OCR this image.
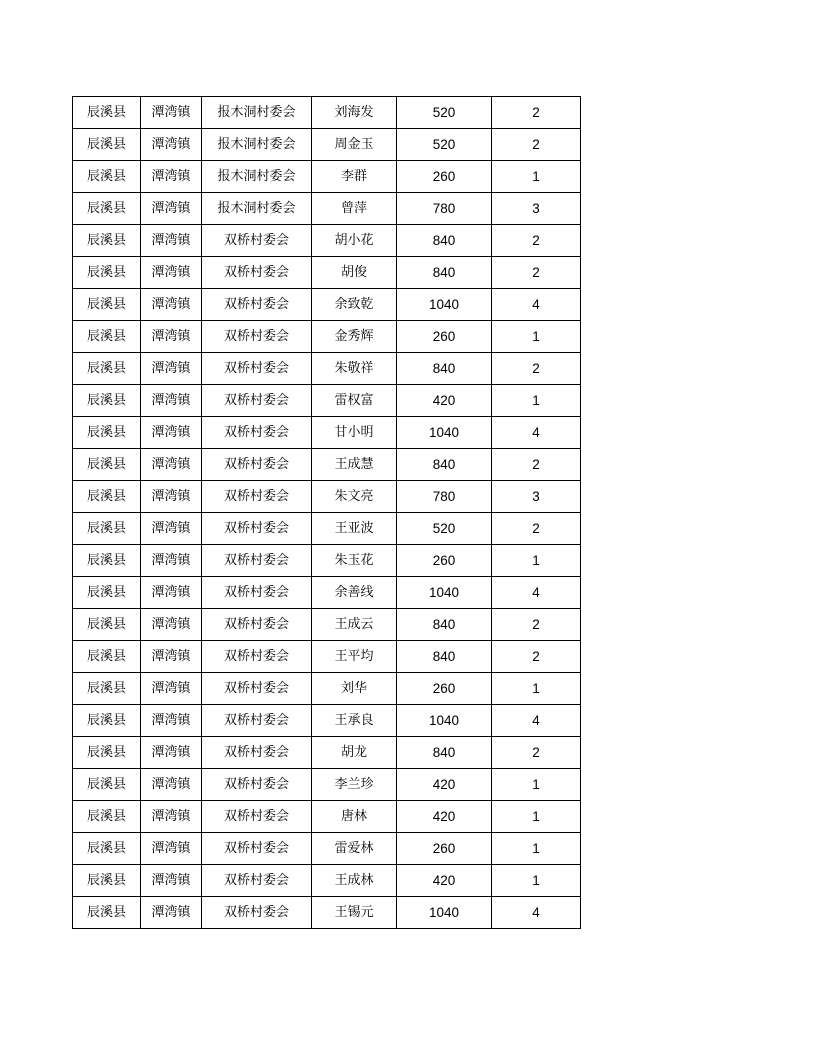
辰溪县	潭湾镇	报木洞村委会	刘海发	520	2
辰溪县	潭湾镇	报木洞村委会	周金玉	520	2
辰溪县	潭湾镇	报木洞村委会	李群	260	1
辰溪县	潭湾镇	报木洞村委会	曾萍	780	3
辰溪县	潭湾镇	双桥村委会	胡小花	840	2
辰溪县	潭湾镇	双桥村委会	胡俊	840	2
辰溪县	潭湾镇	双桥村委会	余致乾	1040	4
辰溪县	潭湾镇	双桥村委会	金秀辉	260	1
辰溪县	潭湾镇	双桥村委会	朱敬祥	840	2
辰溪县	潭湾镇	双桥村委会	雷权富	420	1
辰溪县	潭湾镇	双桥村委会	甘小明	1040	4
辰溪县	潭湾镇	双桥村委会	王成慧	840	2
辰溪县	潭湾镇	双桥村委会	朱文亮	780	3
辰溪县	潭湾镇	双桥村委会	王亚波	520	2
辰溪县	潭湾镇	双桥村委会	朱玉花	260	1
辰溪县	潭湾镇	双桥村委会	余善线	1040	4
辰溪县	潭湾镇	双桥村委会	王成云	840	2
辰溪县	潭湾镇	双桥村委会	王平均	840	2
辰溪县	潭湾镇	双桥村委会	刘华	260	1
辰溪县	潭湾镇	双桥村委会	王承良	1040	4
辰溪县	潭湾镇	双桥村委会	胡龙	840	2
辰溪县	潭湾镇	双桥村委会	李兰珍	420	1
辰溪县	潭湾镇	双桥村委会	唐林	420	1
辰溪县	潭湾镇	双桥村委会	雷爱林	260	1
辰溪县	潭湾镇	双桥村委会	王成林	420	1
辰溪县	潭湾镇	双桥村委会	王锡元	1040	4
